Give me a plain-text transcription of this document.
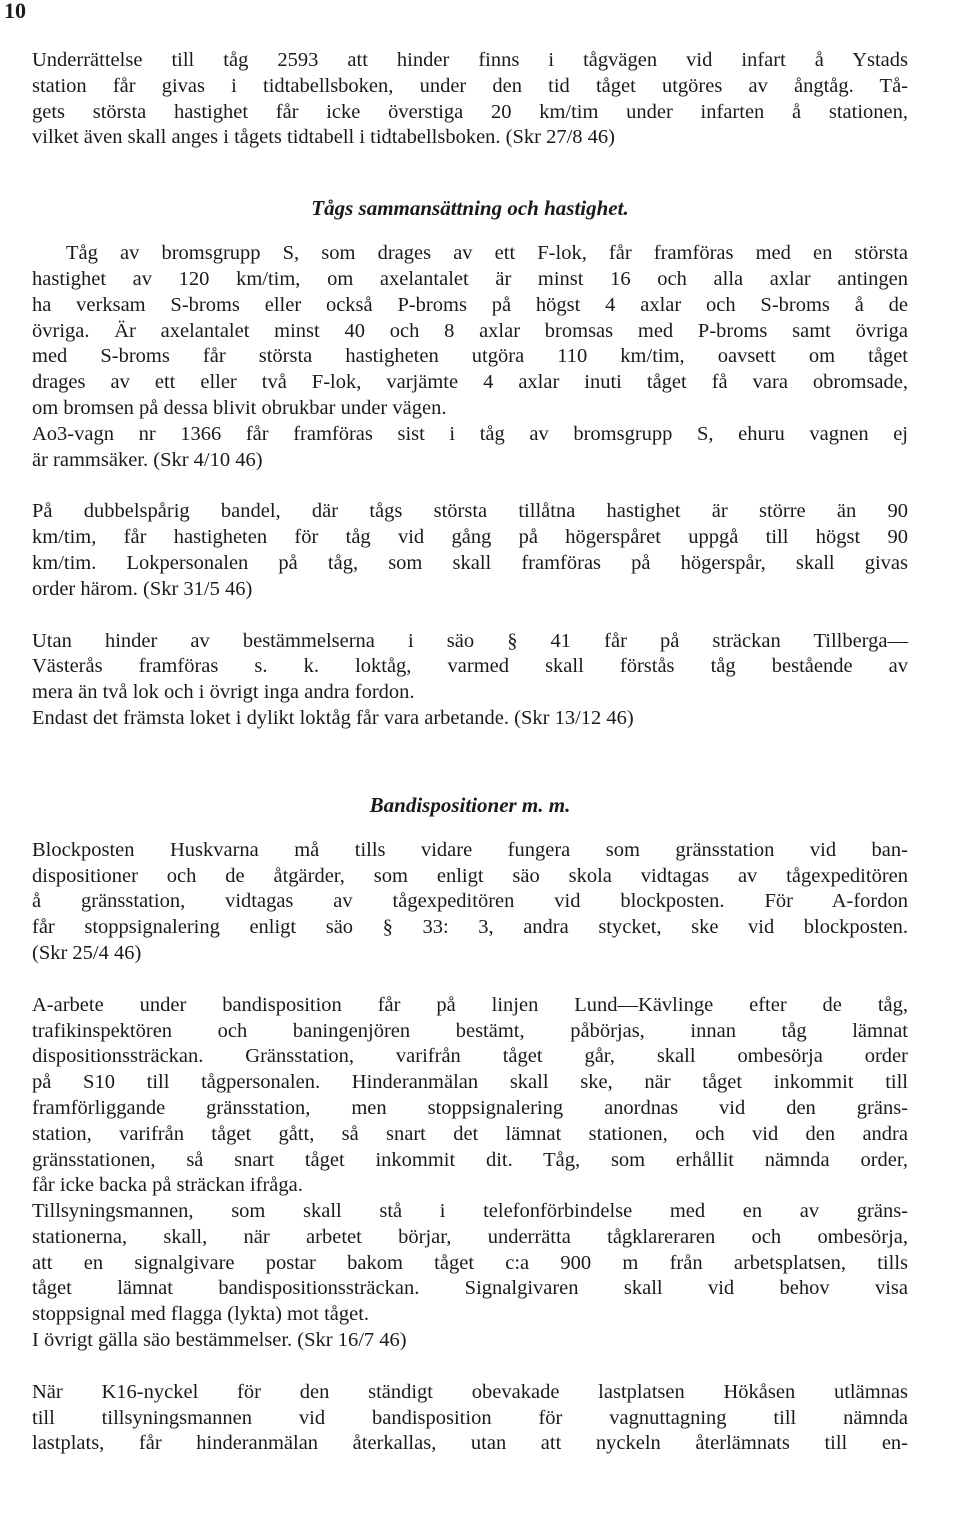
10

Underrättelse till tåg 2593 att hinder finns i tågvägen vid infart å Ystads
station får givas i tidtabellsboken, under den tid tåget utgöres av ångtåg. Tå-
gets största hastighet får icke överstiga 20 km/tim under infarten å stationen,
vilket även skall anges i tågets tidtabell i tidtabellsboken. (Skr 27/8 46)

Tågs sammansättning och hastighet.

Tåg av bromsgrupp S, som drages av ett F-lok, får framföras med en största
hastighet av 120 km/tim, om axelantalet är minst 16 och alla axlar antingen
ha verksam S-broms eller också P-broms på högst 4 axlar och S-broms å de
övriga. Är axelantalet minst 40 och 8 axlar bromsas med P-broms samt övriga
med S-broms får största hastigheten utgöra 110 km/tim, oavsett om tåget
drages av ett eller två F-lok, varjämte 4 axlar inuti tåget få vara obromsade,
om bromsen på dessa blivit obrukbar under vägen.

Ao3-vagn nr 1366 får framföras sist i tåg av bromsgrupp S, ehuru vagnen ej
är rammsäker. (Skr 4/10 46)

På dubbelspårig bandel, där tågs största tillåtna hastighet är större än 90
km/tim, får hastigheten för tåg vid gång på högerspåret uppgå till högst 90
km/tim. Lokpersonalen på tåg, som skall framföras på högerspår, skall givas
order härom. (Skr 31/5 46)

Utan hinder av bestämmelserna i säo § 41 får på sträckan Tillberga—
Västerås framföras s. k. loktåg, varmed skall förstås tåg bestående av
mera än två lok och i övrigt inga andra fordon.

Endast det främsta loket i dylikt loktåg får vara arbetande. (Skr 13/12 46)

Bandispositioner m. m.

Blockposten Huskvarna må tills vidare fungera som gränsstation vid ban-
dispositioner och de åtgärder, som enligt säo skola vidtagas av tågexpeditören
å gränsstation, vidtagas av tågexpeditören vid blockposten. För A-fordon
får stoppsignalering enligt säo § 33: 3, andra stycket, ske vid blockposten.
(Skr 25/4 46)

A-arbete under bandisposition får på linjen Lund—Kävlinge efter de tåg,
trafikinspektören och baningenjören bestämt, påbörjas, innan tåg lämnat
dispositionssträckan. Gränsstation, varifrån tåget går, skall ombesörja order
på S10 till tågpersonalen. Hinderanmälan skall ske, när tåget inkommit till
framförliggande gränsstation, men stoppsignalering anordnas vid den gräns-
station, varifrån tåget gått, så snart det lämnat stationen, och vid den andra
gränsstationen, så snart tåget inkommit dit. Tåg, som erhållit nämnda order,
får icke backa på sträckan ifråga.

Tillsyningsmannen, som skall stå i telefonförbindelse med en av gräns-
stationerna, skall, när arbetet börjar, underrätta tågklareraren och ombesörja,
att en signalgivare postar bakom tåget c:a 900 m från arbetsplatsen, tills
tåget lämnat bandispositionssträckan. Signalgivaren skall vid behov visa
stoppsignal med flagga (lykta) mot tåget.

I övrigt gälla säo bestämmelser. (Skr 16/7 46)

När K16-nyckel för den ständigt obevakade lastplatsen Hökåsen utlämnas
till tillsyningsmannen vid bandisposition för vagnuttagning till nämnda
lastplats, får hinderanmälan återkallas, utan att nyckeln återlämnats till en-
